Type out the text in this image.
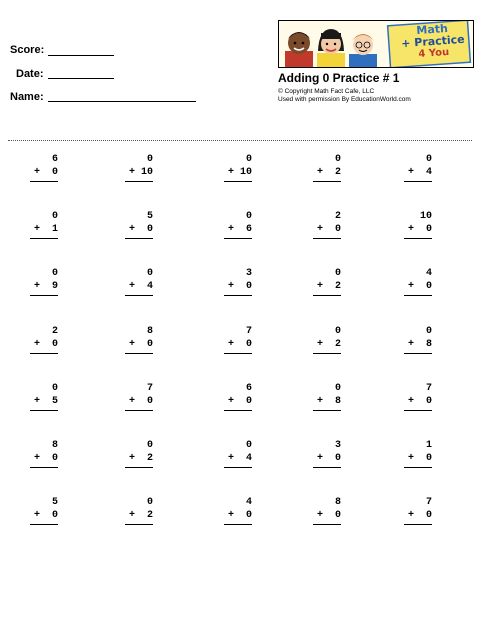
Score:
Date:
Name:
Math
+ Practice
4 You
Adding 0 Practice # 1
© Copyright Math Fact Cafe, LLC
Used with permission By EducationWorld.com
6
+ 0
0
+ 10
0
+ 10
0
+ 2
0
+ 4
0
+ 1
5
+ 0
0
+ 6
2
+ 0
10
+ 0
0
+ 9
0
+ 4
3
+ 0
0
+ 2
4
+ 0
2
+ 0
8
+ 0
7
+ 0
0
+ 2
0
+ 8
0
+ 5
7
+ 0
6
+ 0
0
+ 8
7
+ 0
8
+ 0
0
+ 2
0
+ 4
3
+ 0
1
+ 0
5
+ 0
0
+ 2
4
+ 0
8
+ 0
7
+ 0
